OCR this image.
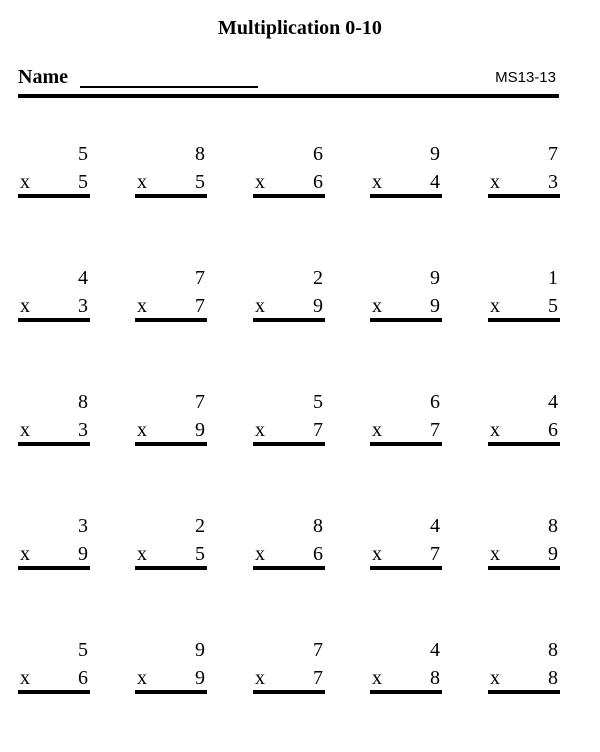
Multiplication 0-10
Name	MS13-13
5
x 5
8
x 5
6
x 6
9
x 4
7
x 3
4
x 3
7
x 7
2
x 9
9
x 9
1
x 5
8
x 3
7
x 9
5
x 7
6
x 7
4
x 6
3
x 9
2
x 5
8
x 6
4
x 7
8
x 9
5
x 6
9
x 9
7
x 7
4
x 8
8
x 8
